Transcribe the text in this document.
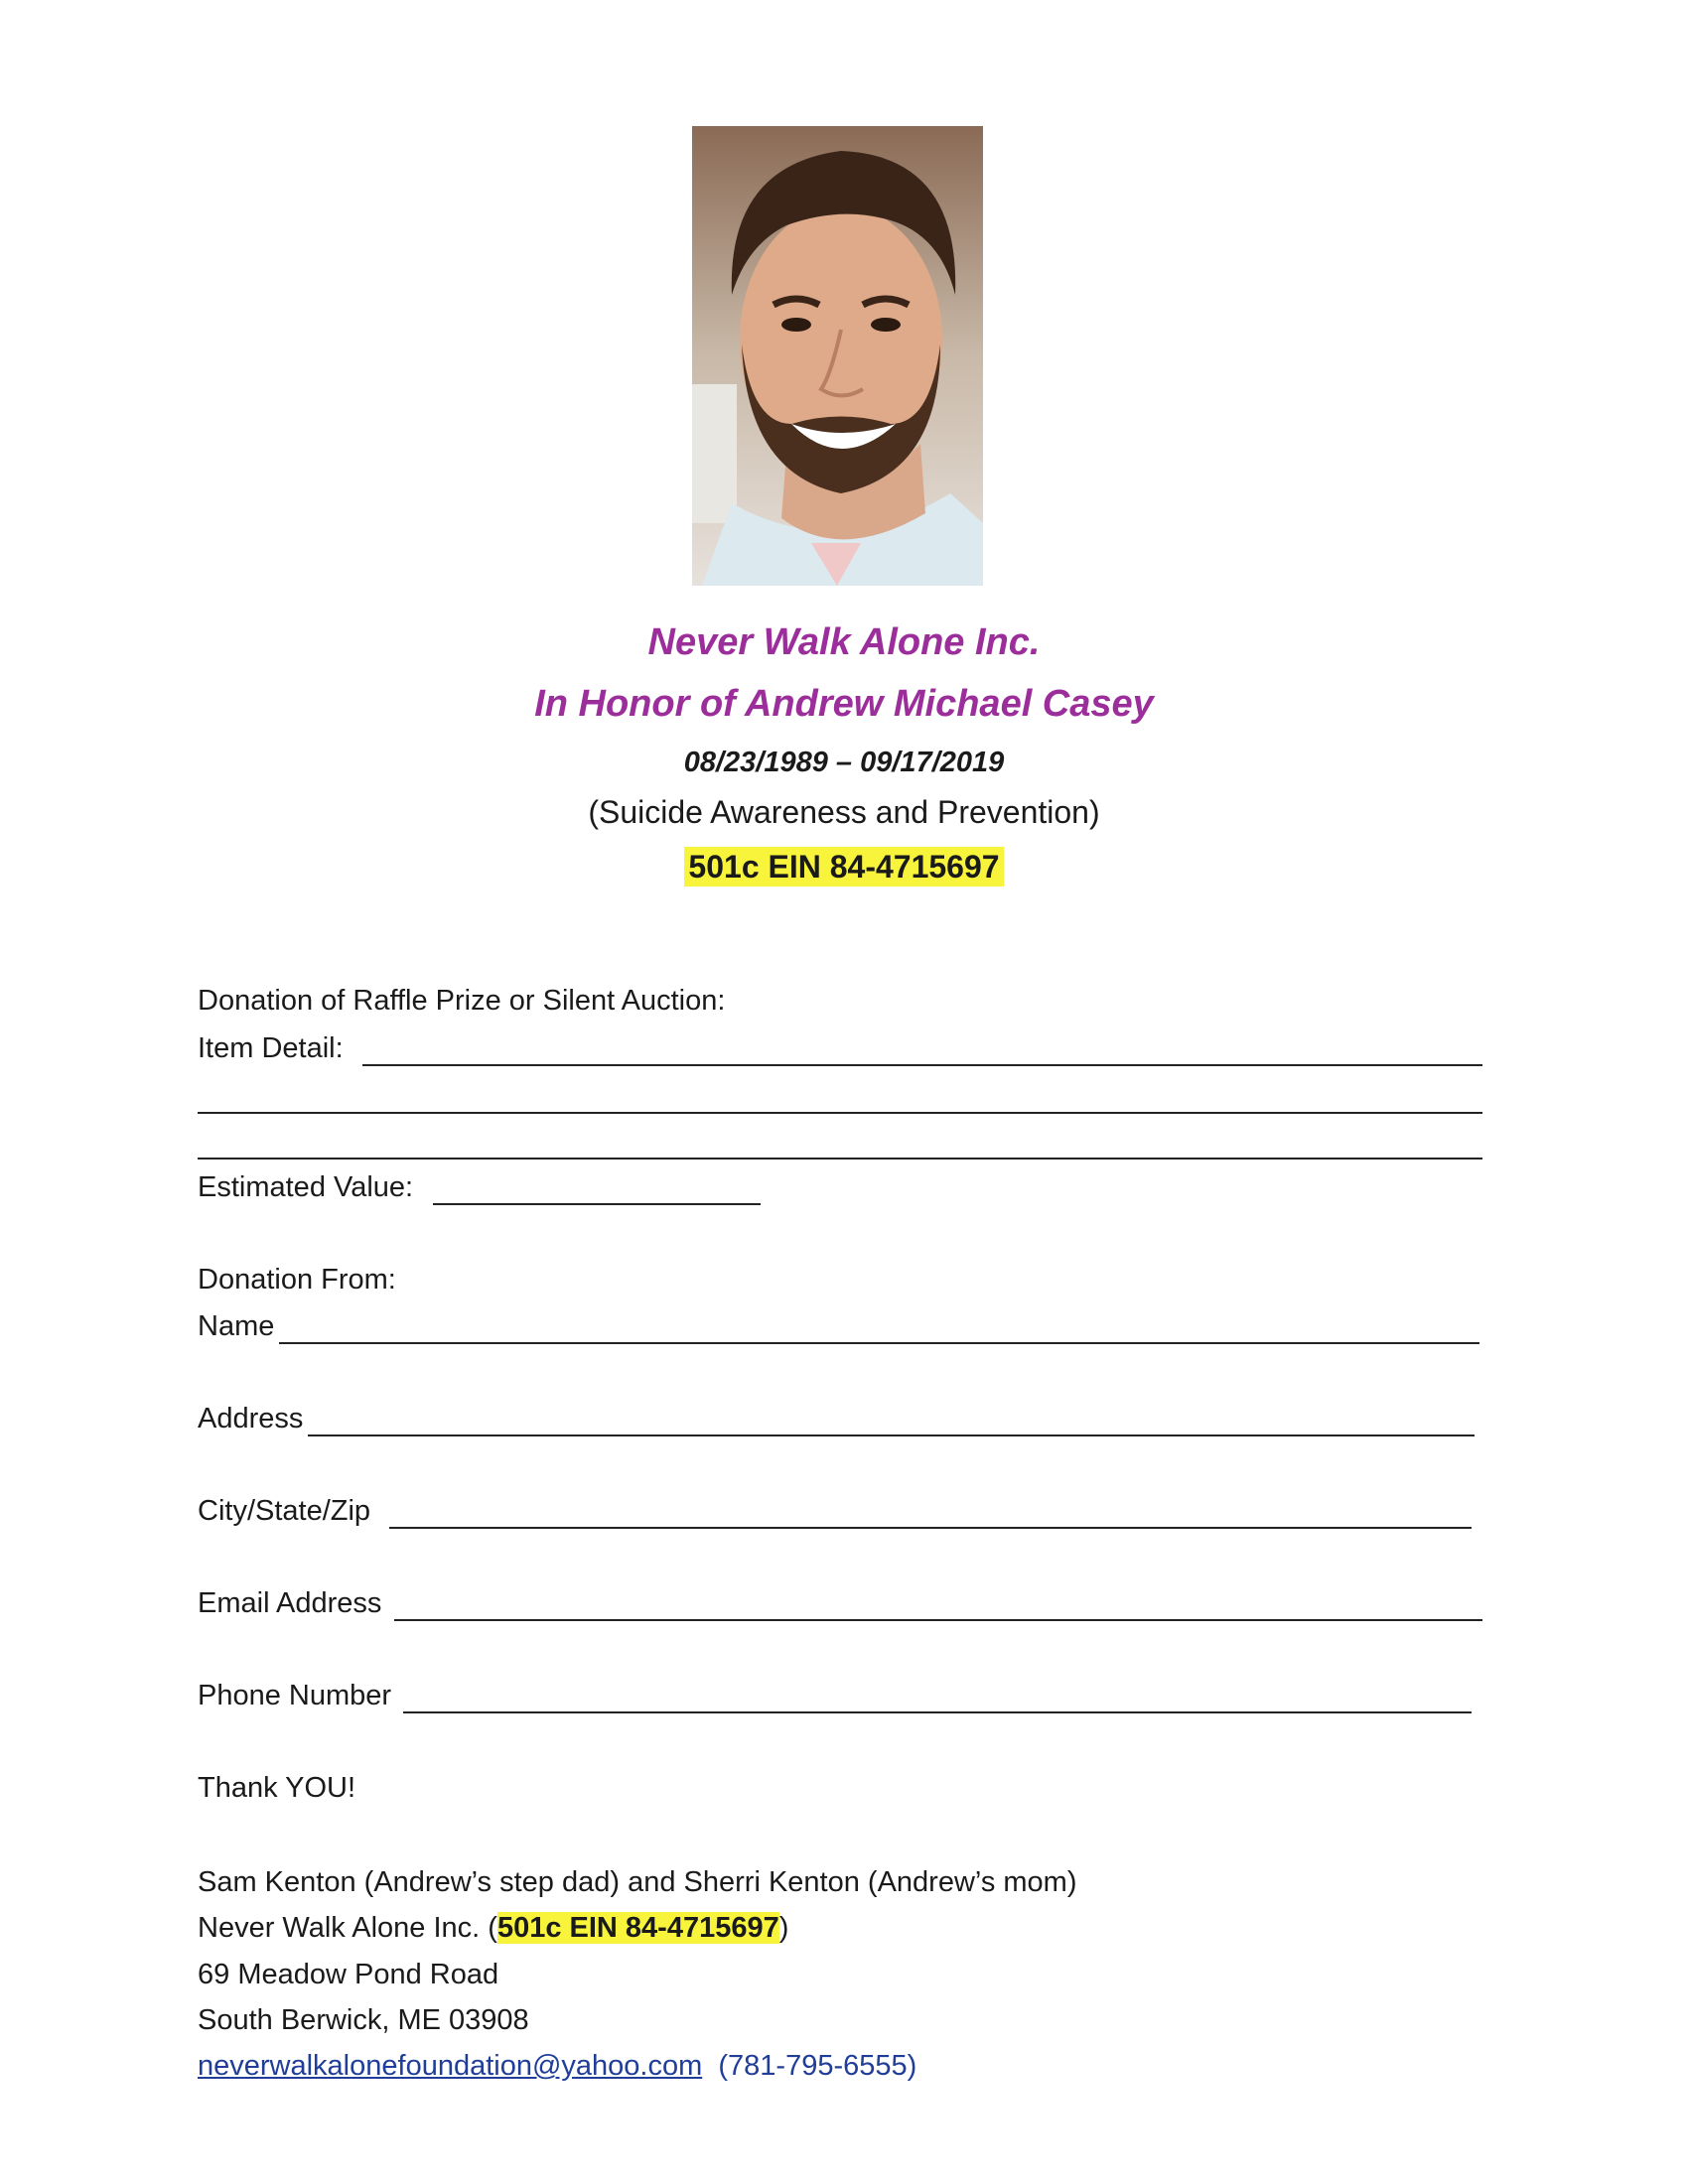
Never Walk Alone Inc.

In Honor of Andrew Michael Casey

08/23/1989 – 09/17/2019
(Suicide Awareness and Prevention)
501c EIN 84-4715697
Donation of Raffle Prize or Silent Auction:
Item Detail:
Estimated Value:
Donation From:
Name
Address
City/State/Zip
Email Address
Phone Number
Thank YOU!
Sam Kenton (Andrew’s step dad) and Sherri Kenton (Andrew’s mom)
Never Walk Alone Inc. (501c EIN 84-4715697)
69 Meadow Pond Road
South Berwick, ME 03908
neverwalkalonefoundation@yahoo.com (781-795-6555)
